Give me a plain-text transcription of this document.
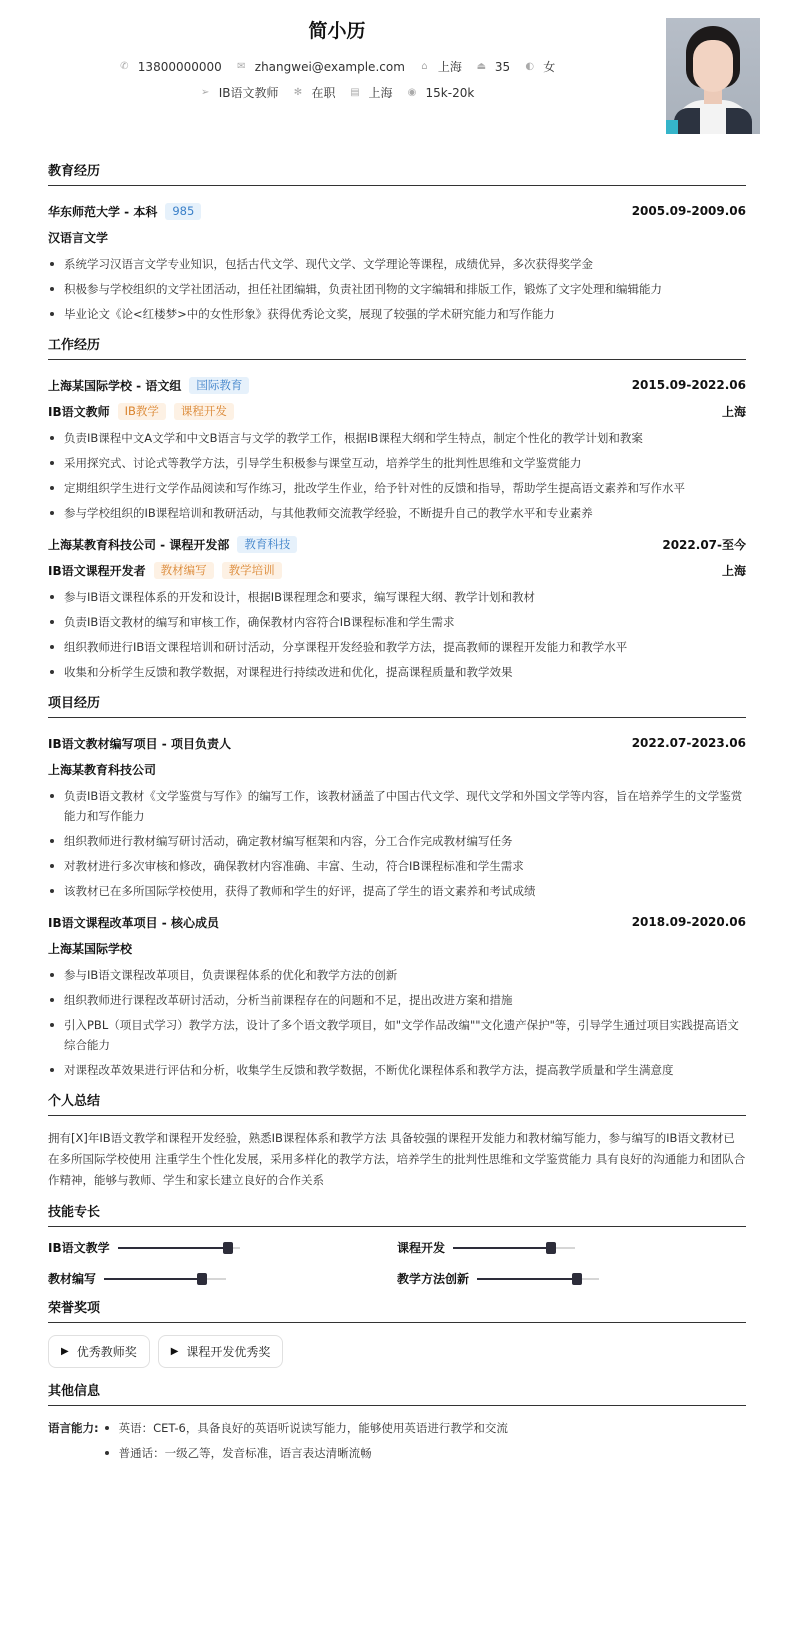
简小历
✆ 13800000000 ✉ zhangwei@example.com ⌂ 上海 ⏏ 35 ◐ 女
➢ IB语文教师 ✻ 在职 ▤ 上海 ◉ 15k-20k
教育经历
华东师范大学 - 本科	985	2005.09-2009.06
汉语言文学
系统学习汉语言文学专业知识，包括古代文学、现代文学、文学理论等课程，成绩优异，多次获得奖学金
积极参与学校组织的文学社团活动，担任社团编辑，负责社团刊物的文字编辑和排版工作，锻炼了文字处理和编辑能力
毕业论文《论<红楼梦>中的女性形象》获得优秀论文奖，展现了较强的学术研究能力和写作能力
工作经历
上海某国际学校 - 语文组	国际教育	2015.09-2022.06
IB语文教师	IB教学	课程开发	上海
负责IB课程中文A文学和中文B语言与文学的教学工作，根据IB课程大纲和学生特点，制定个性化的教学计划和教案
采用探究式、讨论式等教学方法，引导学生积极参与课堂互动，培养学生的批判性思维和文学鉴赏能力
定期组织学生进行文学作品阅读和写作练习，批改学生作业，给予针对性的反馈和指导，帮助学生提高语文素养和写作水平
参与学校组织的IB课程培训和教研活动，与其他教师交流教学经验，不断提升自己的教学水平和专业素养
上海某教育科技公司 - 课程开发部	教育科技	2022.07-至今
IB语文课程开发者	教材编写	教学培训	上海
参与IB语文课程体系的开发和设计，根据IB课程理念和要求，编写课程大纲、教学计划和教材
负责IB语文教材的编写和审核工作，确保教材内容符合IB课程标准和学生需求
组织教师进行IB语文课程培训和研讨活动，分享课程开发经验和教学方法，提高教师的课程开发能力和教学水平
收集和分析学生反馈和教学数据，对课程进行持续改进和优化，提高课程质量和教学效果
项目经历
IB语文教材编写项目 - 项目负责人	2022.07-2023.06
上海某教育科技公司
负责IB语文教材《文学鉴赏与写作》的编写工作，该教材涵盖了中国古代文学、现代文学和外国文学等内容，旨在培养学生的文学鉴赏能力和写作能力
组织教师进行教材编写研讨活动，确定教材编写框架和内容，分工合作完成教材编写任务
对教材进行多次审核和修改，确保教材内容准确、丰富、生动，符合IB课程标准和学生需求
该教材已在多所国际学校使用，获得了教师和学生的好评，提高了学生的语文素养和考试成绩
IB语文课程改革项目 - 核心成员	2018.09-2020.06
上海某国际学校
参与IB语文课程改革项目，负责课程体系的优化和教学方法的创新
组织教师进行课程改革研讨活动，分析当前课程存在的问题和不足，提出改进方案和措施
引入PBL（项目式学习）教学方法，设计了多个语文教学项目，如"文学作品改编""文化遗产保护"等，引导学生通过项目实践提高语文综合能力
对课程改革效果进行评估和分析，收集学生反馈和教学数据，不断优化课程体系和教学方法，提高教学质量和学生满意度
个人总结
拥有[X]年IB语文教学和课程开发经验，熟悉IB课程体系和教学方法 具备较强的课程开发能力和教材编写能力，参与编写的IB语文教材已在多所国际学校使用 注重学生个性化发展，采用多样化的教学方法，培养学生的批判性思维和文学鉴赏能力 具有良好的沟通能力和团队合作精神，能够与教师、学生和家长建立良好的合作关系
技能专长
IB语文教学	课程开发
教材编写	教学方法创新
荣誉奖项
▶ 优秀教师奖	▶ 课程开发优秀奖
其他信息
语言能力:	英语：CET-6，具备良好的英语听说读写能力，能够使用英语进行教学和交流
普通话：一级乙等，发音标准，语言表达清晰流畅
